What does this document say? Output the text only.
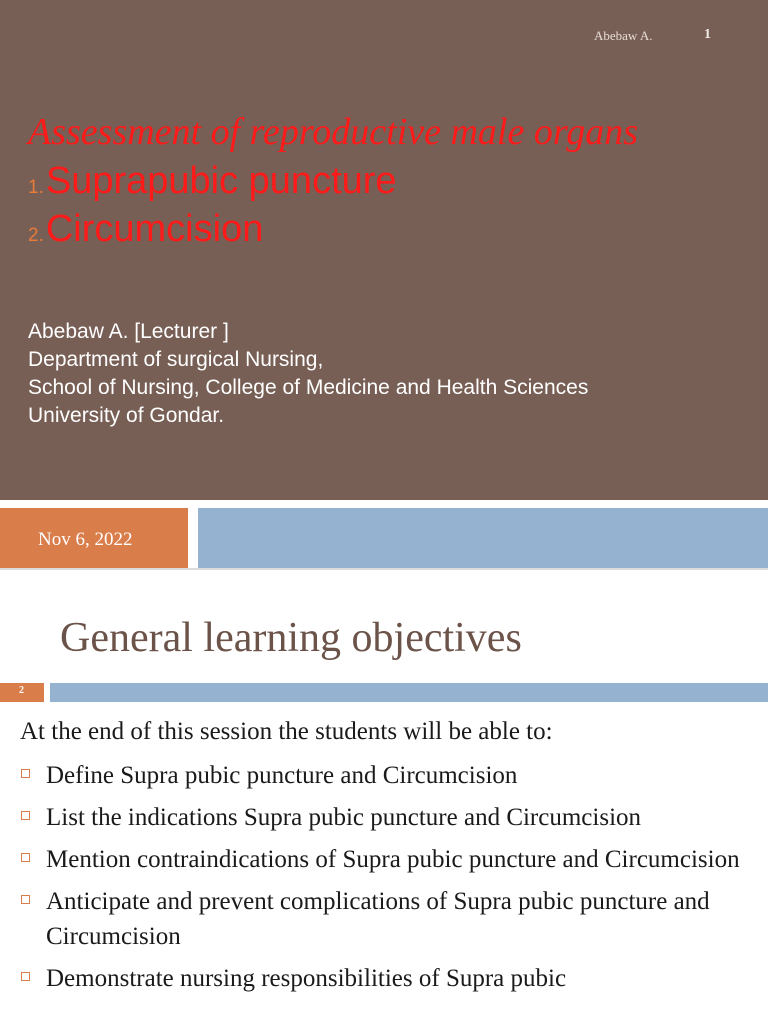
Abebaw A.	1
Assessment of reproductive male organs
1.Suprapubic puncture
2.Circumcision
Abebaw A. [Lecturer ]
Department of surgical Nursing,
School of Nursing, College of Medicine and Health Sciences
University of Gondar.
Nov 6, 2022
General learning objectives
2
At the end of this session the students will be able to:
Define Supra pubic puncture and Circumcision
List the indications Supra pubic puncture and Circumcision
Mention contraindications of Supra pubic puncture and Circumcision
Anticipate and prevent complications of Supra pubic puncture and Circumcision
Demonstrate nursing responsibilities of Supra pubic
